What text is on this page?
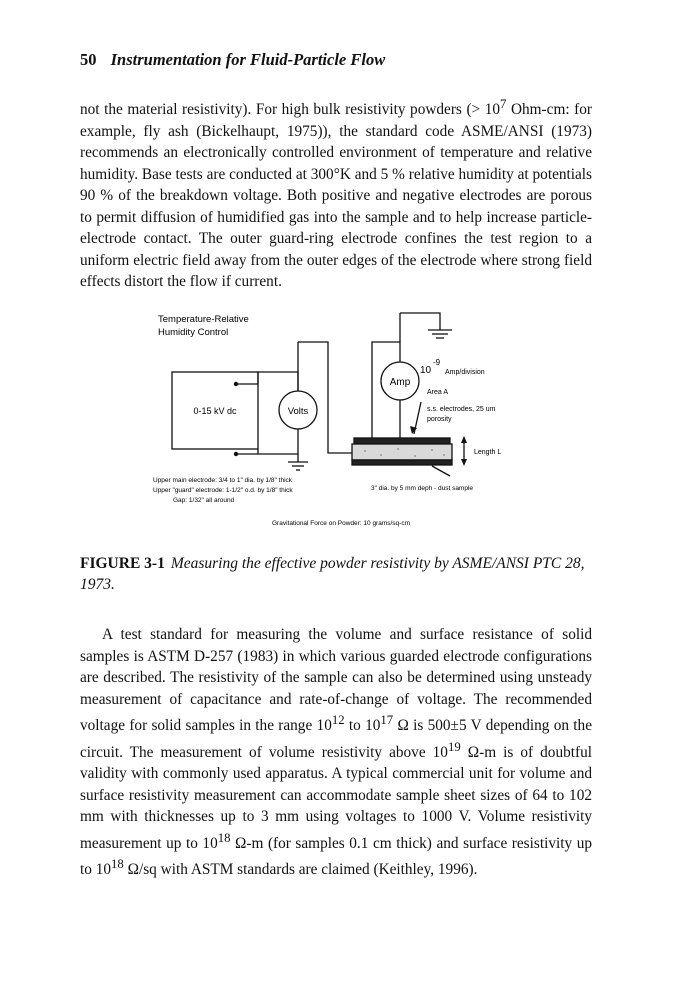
50 Instrumentation for Fluid-Particle Flow
not the material resistivity). For high bulk resistivity powders (> $10^7$ Ohm-cm: for example, fly ash (Bickelhaupt, 1975)), the standard code ASME/ANSI (1973) recommends an electronically controlled environment of temperature and relative humidity. Base tests are conducted at 300°K and 5 % relative humidity at potentials 90 % of the breakdown voltage. Both positive and negative electrodes are porous to permit diffusion of humidified gas into the sample and to help increase particle-electrode contact. The outer guard-ring electrode confines the test region to a uniform electric field away from the outer edges of the electrode where strong field effects distort the flow if current.
Temperature-Relative
Humidity Control
0-15 kV dc	Volts
Amp
10
-9
Amp/division
Area A
s.s. electrodes, 25 um
porosity
Length L
Upper main electrode: 3/4 to 1" dia. by 1/8" thick
Upper "guard" electrode: 1-1/2" o.d. by 1/8" thick
Gap: 1/32" all around
3" dia. by 5 mm deph - dust sample
Gravitational Force on Powder: 10 grams/sq-cm
FIGURE 3-1 Measuring the effective powder resistivity by ASME/ANSI PTC 28, 1973.
A test standard for measuring the volume and surface resistance of solid samples is ASTM D-257 (1983) in which various guarded electrode configurations are described. The resistivity of the sample can also be determined using unsteady measurement of capacitance and rate-of-change of voltage. The recommended voltage for solid samples in the range $10^{12}$ to $10^{17}$ Ω is 500±5 V depending on the circuit. The measurement of volume resistivity above $10^{19}$ Ω-m is of doubtful validity with commonly used apparatus. A typical commercial unit for volume and surface resistivity measurement can accommodate sample sheet sizes of 64 to 102 mm with thicknesses up to 3 mm using voltages to 1000 V. Volume resistivity measurement up to $10^{18}$ Ω-m (for samples 0.1 cm thick) and surface resistivity up to $10^{18}$ Ω/sq with ASTM standards are claimed (Keithley, 1996).
